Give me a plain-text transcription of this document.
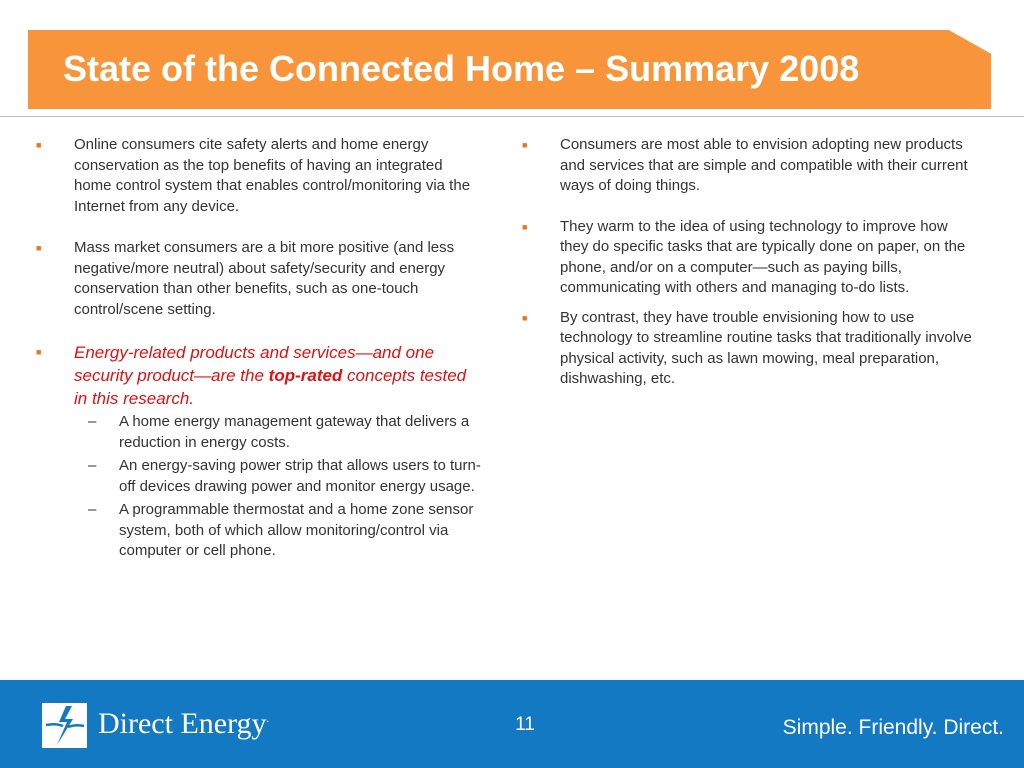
State of the Connected Home – Summary 2008
■ Online consumers cite safety alerts and home energy conservation as the top benefits of having an integrated home control system that enables control/monitoring via the Internet from any device.
■ Mass market consumers are a bit more positive (and less negative/more neutral) about safety/security and energy conservation than other benefits, such as one-touch control/scene setting.
■ Energy-related products and services—and one security product—are the top-rated concepts tested in this research.
– A home energy management gateway that delivers a reduction in energy costs.
– An energy-saving power strip that allows users to turn-off devices drawing power and monitor energy usage.
– A programmable thermostat and a home zone sensor system, both of which allow monitoring/control via computer or cell phone.
■ Consumers are most able to envision adopting new products and services that are simple and compatible with their current ways of doing things.
■ They warm to the idea of using technology to improve how they do specific tasks that are typically done on paper, on the phone, and/or on a computer—such as paying bills, communicating with others and managing to-do lists.
■ By contrast, they have trouble envisioning how to use technology to streamline routine tasks that traditionally involve physical activity, such as lawn mowing, meal preparation, dishwashing, etc.
Direct Energy.	11	Simple. Friendly. Direct.
